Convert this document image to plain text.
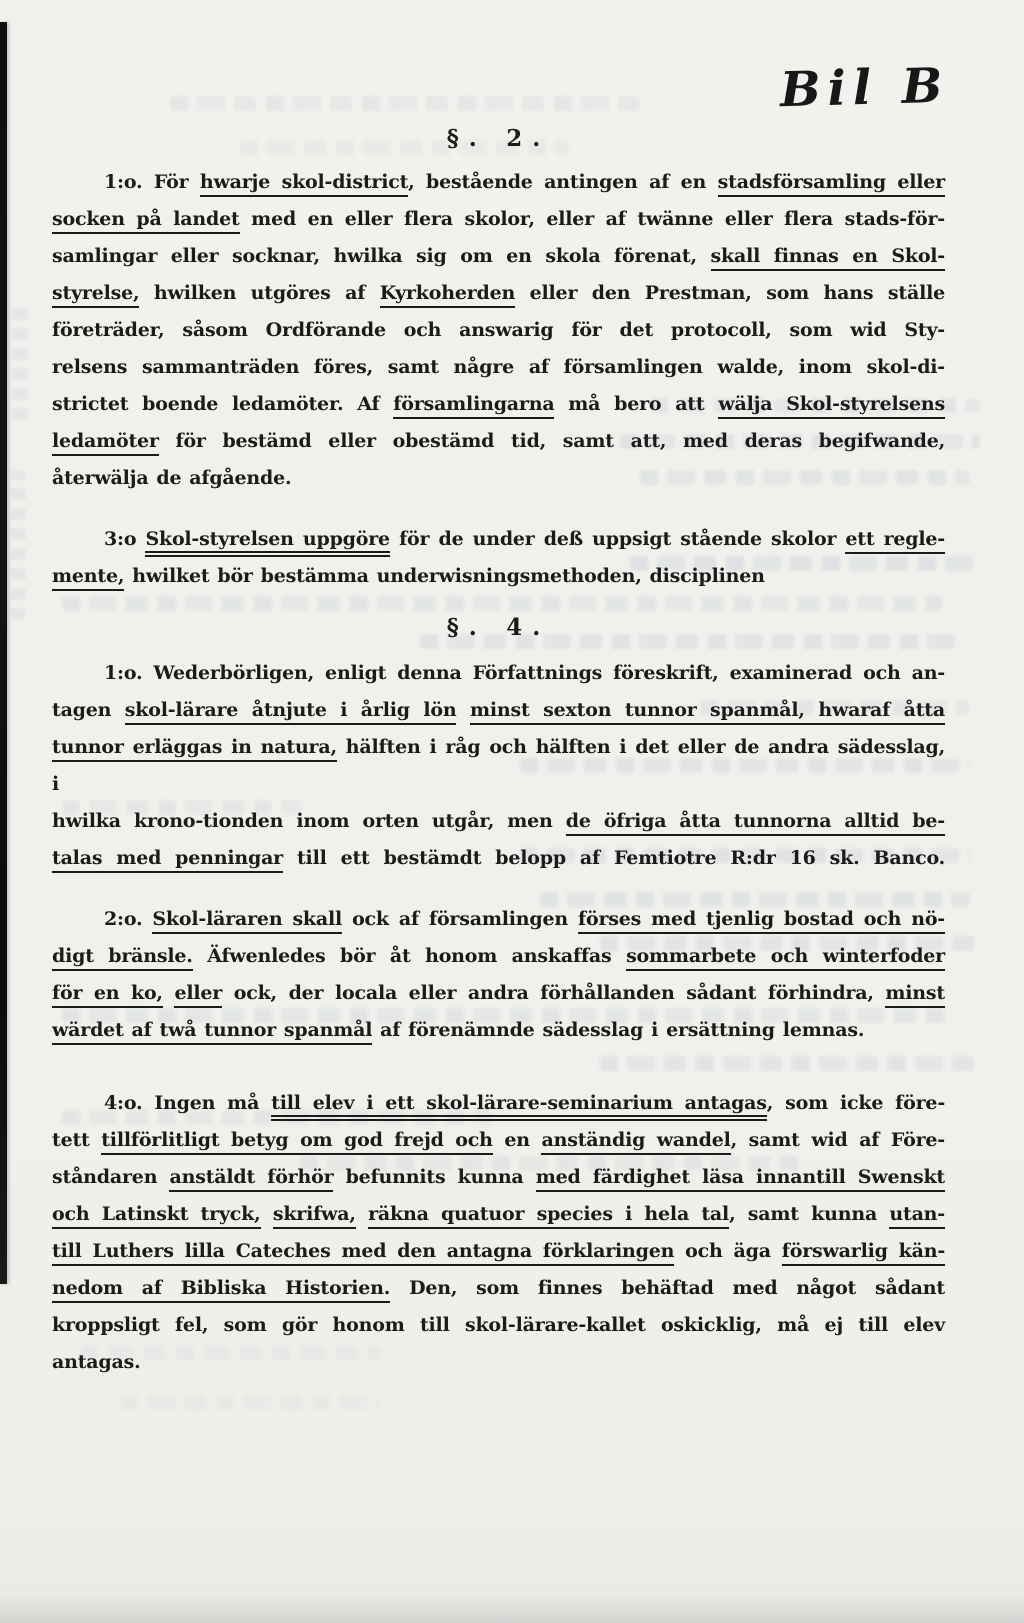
Bil B
§. 2.
1:o. För hwarje skol-district, bestående antingen af en stadsförsamling eller
socken på landet med en eller flera skolor, eller af twänne eller flera stads-för-
samlingar eller socknar, hwilka sig om en skola förenat, skall finnas en Skol-
styrelse, hwilken utgöres af Kyrkoherden eller den Prestman, som hans ställe
företräder, såsom Ordförande och answarig för det protocoll, som wid Sty-
relsens sammanträden föres, samt någre af församlingen walde, inom skol-di-
strictet boende ledamöter. Af församlingarna må bero att wälja Skol-styrelsens
ledamöter för bestämd eller obestämd tid, samt att, med deras begifwande,
återwälja de afgående.
3:o Skol-styrelsen uppgöre för de under deß uppsigt stående skolor ett regle-
mente, hwilket bör bestämma underwisningsmethoden, disciplinen
§. 4.
1:o. Wederbörligen, enligt denna Författnings föreskrift, examinerad och an-
tagen skol-lärare åtnjute i årlig lön minst sexton tunnor spanmål, hwaraf åtta
tunnor erläggas in natura, hälften i råg och hälften i det eller de andra sädesslag, i
hwilka krono-tionden inom orten utgår, men de öfriga åtta tunnorna alltid be-
talas med penningar till ett bestämdt belopp af Femtiotre R:dr 16 sk. Banco.
2:o. Skol-läraren skall ock af församlingen förses med tjenlig bostad och nö-
digt bränsle. Äfwenledes bör åt honom anskaffas sommarbete och winterfoder
för en ko, eller ock, der locala eller andra förhållanden sådant förhindra, minst
wärdet af twå tunnor spanmål af förenämnde sädesslag i ersättning lemnas.
4:o. Ingen må till elev i ett skol-lärare-seminarium antagas, som icke före-
tett tillförlitligt betyg om god frejd och en anständig wandel, samt wid af Före-
ståndaren anstäldt förhör befunnits kunna med färdighet läsa innantill Swenskt
och Latinskt tryck, skrifwa, räkna quatuor species i hela tal, samt kunna utan-
till Luthers lilla Cateches med den antagna förklaringen och äga förswarlig kän-
nedom af Bibliska Historien. Den, som finnes behäftad med något sådant
kroppsligt fel, som gör honom till skol-lärare-kallet oskicklig, må ej till elev antagas.
